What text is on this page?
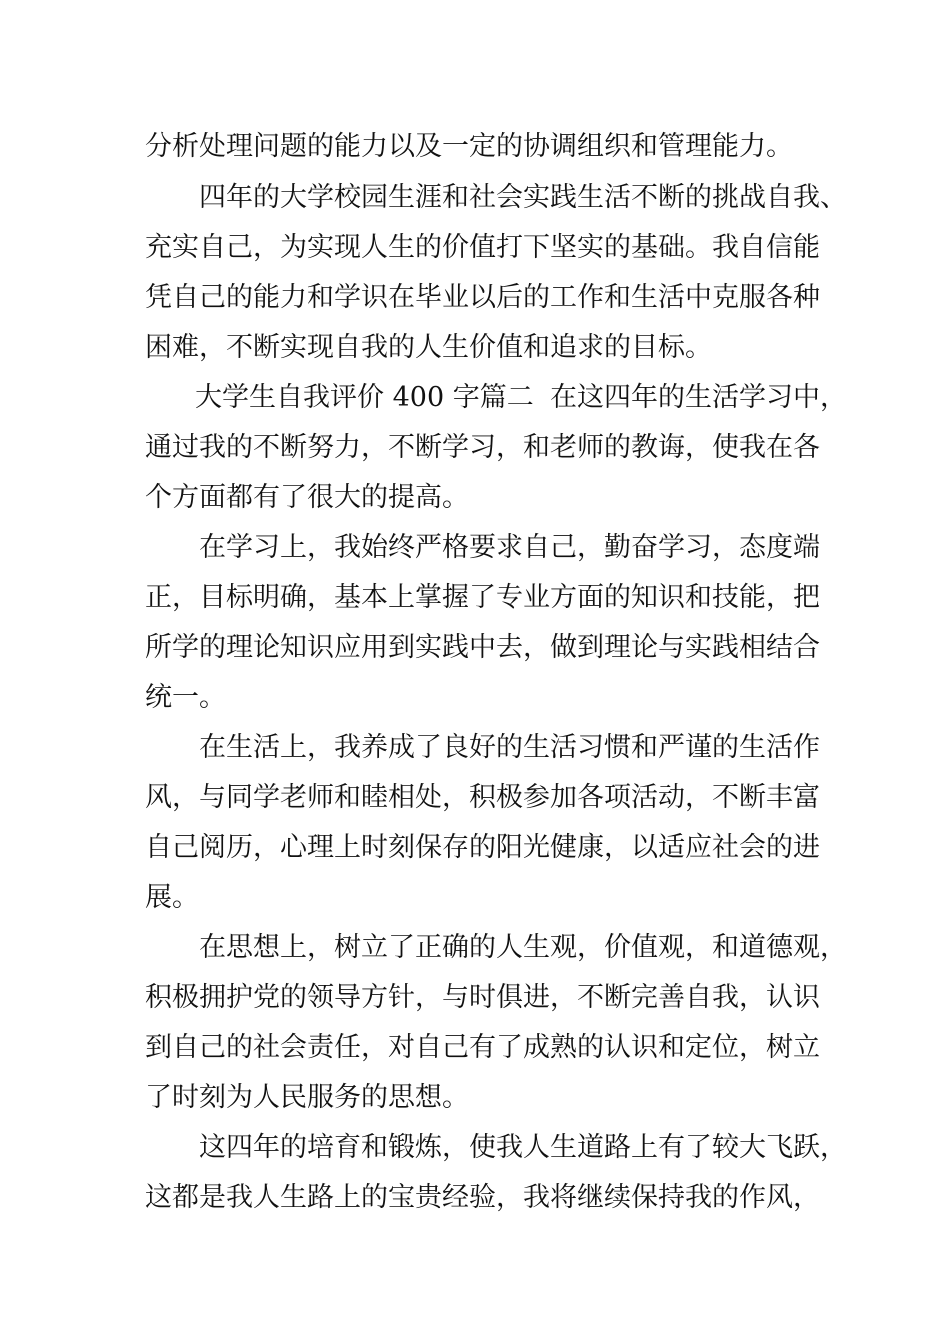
分析处理问题的能力以及一定的协调组织和管理能力。
四年的大学校园生涯和社会实践生活不断的挑战自我、
充实自己，为实现人生的价值打下坚实的基础。我自信能
凭自己的能力和学识在毕业以后的工作和生活中克服各种
困难，不断实现自我的人生价值和追求的目标。
大学生自我评价 400 字篇二 在这四年的生活学习中，
通过我的不断努力，不断学习，和老师的教诲，使我在各
个方面都有了很大的提高。
在学习上，我始终严格要求自己，勤奋学习，态度端
正，目标明确，基本上掌握了专业方面的知识和技能，把
所学的理论知识应用到实践中去，做到理论与实践相结合
统一。
在生活上，我养成了良好的生活习惯和严谨的生活作
风，与同学老师和睦相处，积极参加各项活动，不断丰富
自己阅历，心理上时刻保存的阳光健康，以适应社会的进
展。
在思想上，树立了正确的人生观，价值观，和道德观，
积极拥护党的领导方针，与时俱进，不断完善自我，认识
到自己的社会责任，对自己有了成熟的认识和定位，树立
了时刻为人民服务的思想。
这四年的培育和锻炼，使我人生道路上有了较大飞跃，
这都是我人生路上的宝贵经验，我将继续保持我的作风，
